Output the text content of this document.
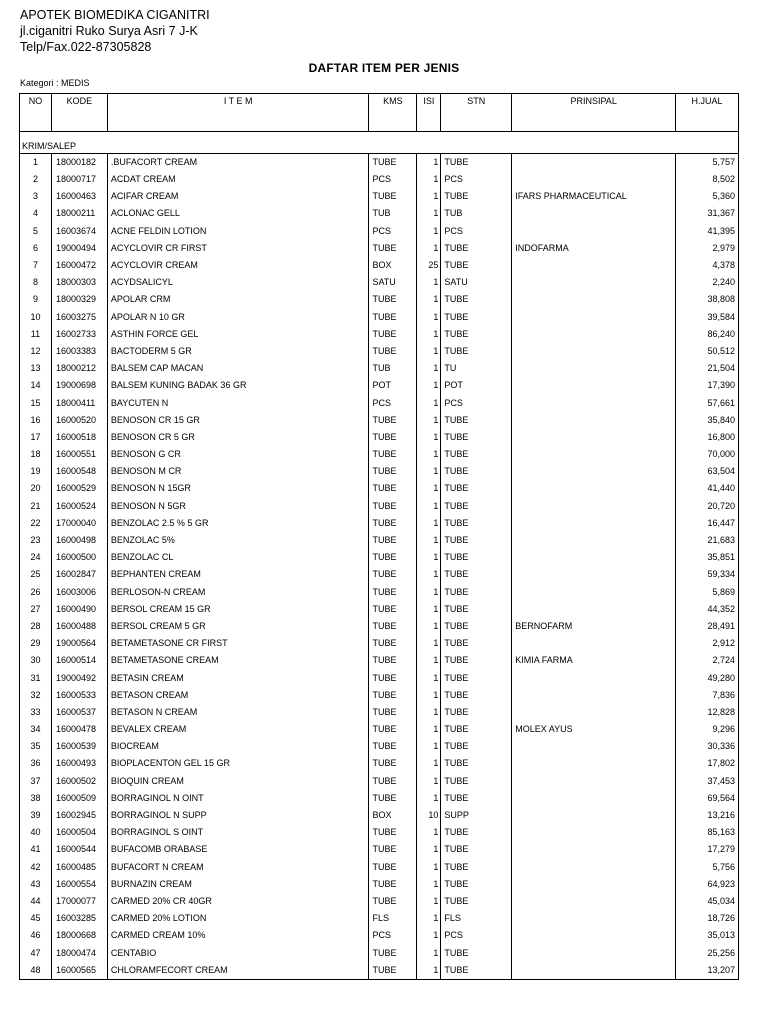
APOTEK BIOMEDIKA CIGANITRI
jl.ciganitri Ruko Surya Asri 7 J-K
Telp/Fax.022-87305828
DAFTAR ITEM PER JENIS
Kategori : MEDIS
NO	KODE	I T E M	KMS	ISI	STN	PRINSIPAL	H.JUAL
KRIM/SALEP							
1	18000182	.BUFACORT CREAM	TUBE	1	TUBE		5,757
2	18000717	ACDAT CREAM	PCS	1	PCS		8,502
3	16000463	ACIFAR CREAM	TUBE	1	TUBE	IFARS PHARMACEUTICAL	5,360
4	18000211	ACLONAC GELL	TUB	1	TUB		31,367
5	16003674	ACNE FELDIN LOTION	PCS	1	PCS		41,395
6	19000494	ACYCLOVIR CR FIRST	TUBE	1	TUBE	INDOFARMA	2,979
7	16000472	ACYCLOVIR CREAM	BOX	25	TUBE		4,378
8	18000303	ACYDSALICYL	SATU	1	SATU		2,240
9	18000329	APOLAR CRM	TUBE	1	TUBE		38,808
10	16003275	APOLAR N 10 GR	TUBE	1	TUBE		39,584
11	16002733	ASTHIN FORCE GEL	TUBE	1	TUBE		86,240
12	16003383	BACTODERM 5 GR	TUBE	1	TUBE		50,512
13	18000212	BALSEM CAP MACAN	TUB	1	TU		21,504
14	19000698	BALSEM KUNING BADAK 36 GR	POT	1	POT		17,390
15	18000411	BAYCUTEN N	PCS	1	PCS		57,661
16	16000520	BENOSON CR 15 GR	TUBE	1	TUBE		35,840
17	16000518	BENOSON CR 5 GR	TUBE	1	TUBE		16,800
18	16000551	BENOSON G CR	TUBE	1	TUBE		70,000
19	16000548	BENOSON M CR	TUBE	1	TUBE		63,504
20	16000529	BENOSON N 15GR	TUBE	1	TUBE		41,440
21	16000524	BENOSON N 5GR	TUBE	1	TUBE		20,720
22	17000040	BENZOLAC 2.5 % 5 GR	TUBE	1	TUBE		16,447
23	16000498	BENZOLAC 5%	TUBE	1	TUBE		21,683
24	16000500	BENZOLAC CL	TUBE	1	TUBE		35,851
25	16002847	BEPHANTEN CREAM	TUBE	1	TUBE		59,334
26	16003006	BERLOSON-N CREAM	TUBE	1	TUBE		5,869
27	16000490	BERSOL CREAM 15 GR	TUBE	1	TUBE		44,352
28	16000488	BERSOL CREAM 5 GR	TUBE	1	TUBE	BERNOFARM	28,491
29	19000564	BETAMETASONE CR FIRST	TUBE	1	TUBE		2,912
30	16000514	BETAMETASONE CREAM	TUBE	1	TUBE	KIMIA FARMA	2,724
31	19000492	BETASIN CREAM	TUBE	1	TUBE		49,280
32	16000533	BETASON CREAM	TUBE	1	TUBE		7,836
33	16000537	BETASON N CREAM	TUBE	1	TUBE		12,828
34	16000478	BEVALEX CREAM	TUBE	1	TUBE	MOLEX AYUS	9,296
35	16000539	BIOCREAM	TUBE	1	TUBE		30,336
36	16000493	BIOPLACENTON GEL 15 GR	TUBE	1	TUBE		17,802
37	16000502	BIOQUIN CREAM	TUBE	1	TUBE		37,453
38	16000509	BORRAGINOL N OINT	TUBE	1	TUBE		69,564
39	16002945	BORRAGINOL N SUPP	BOX	10	SUPP		13,216
40	16000504	BORRAGINOL S OINT	TUBE	1	TUBE		85,163
41	16000544	BUFACOMB ORABASE	TUBE	1	TUBE		17,279
42	16000485	BUFACORT N CREAM	TUBE	1	TUBE		5,756
43	16000554	BURNAZIN CREAM	TUBE	1	TUBE		64,923
44	17000077	CARMED 20% CR 40GR	TUBE	1	TUBE		45,034
45	16003285	CARMED 20% LOTION	FLS	1	FLS		18,726
46	18000668	CARMED CREAM 10%	PCS	1	PCS		35,013
47	18000474	CENTABIO	TUBE	1	TUBE		25,256
48	16000565	CHLORAMFECORT CREAM	TUBE	1	TUBE		13,207
